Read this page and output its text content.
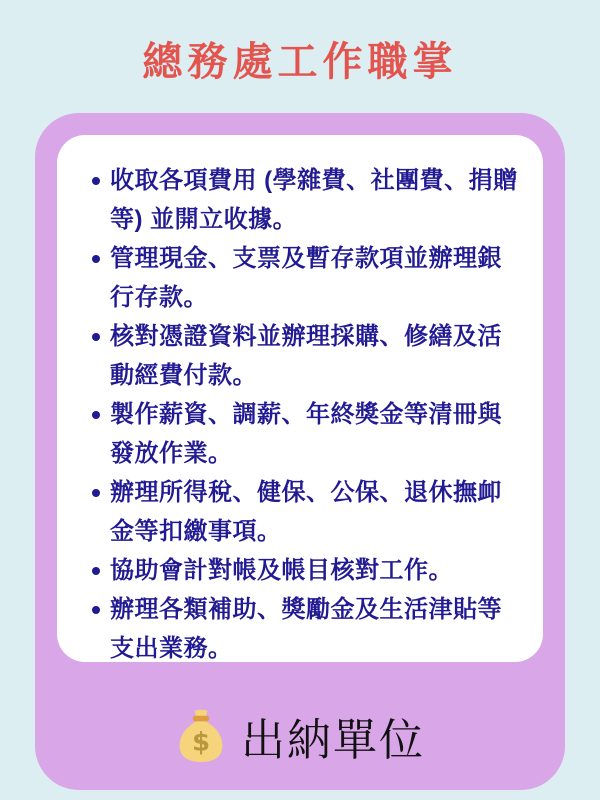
總務處工作職掌
收取各項費用 (學雜費、社團費、捐贈等) 並開立收據。
管理現金、支票及暫存款項並辦理銀行存款。
核對憑證資料並辦理採購、修繕及活動經費付款。
製作薪資、調薪、年終獎金等清冊與發放作業。
辦理所得稅、健保、公保、退休撫卹金等扣繳事項。
協助會計對帳及帳目核對工作。
辦理各類補助、獎勵金及生活津貼等支出業務。
$ 出納單位
